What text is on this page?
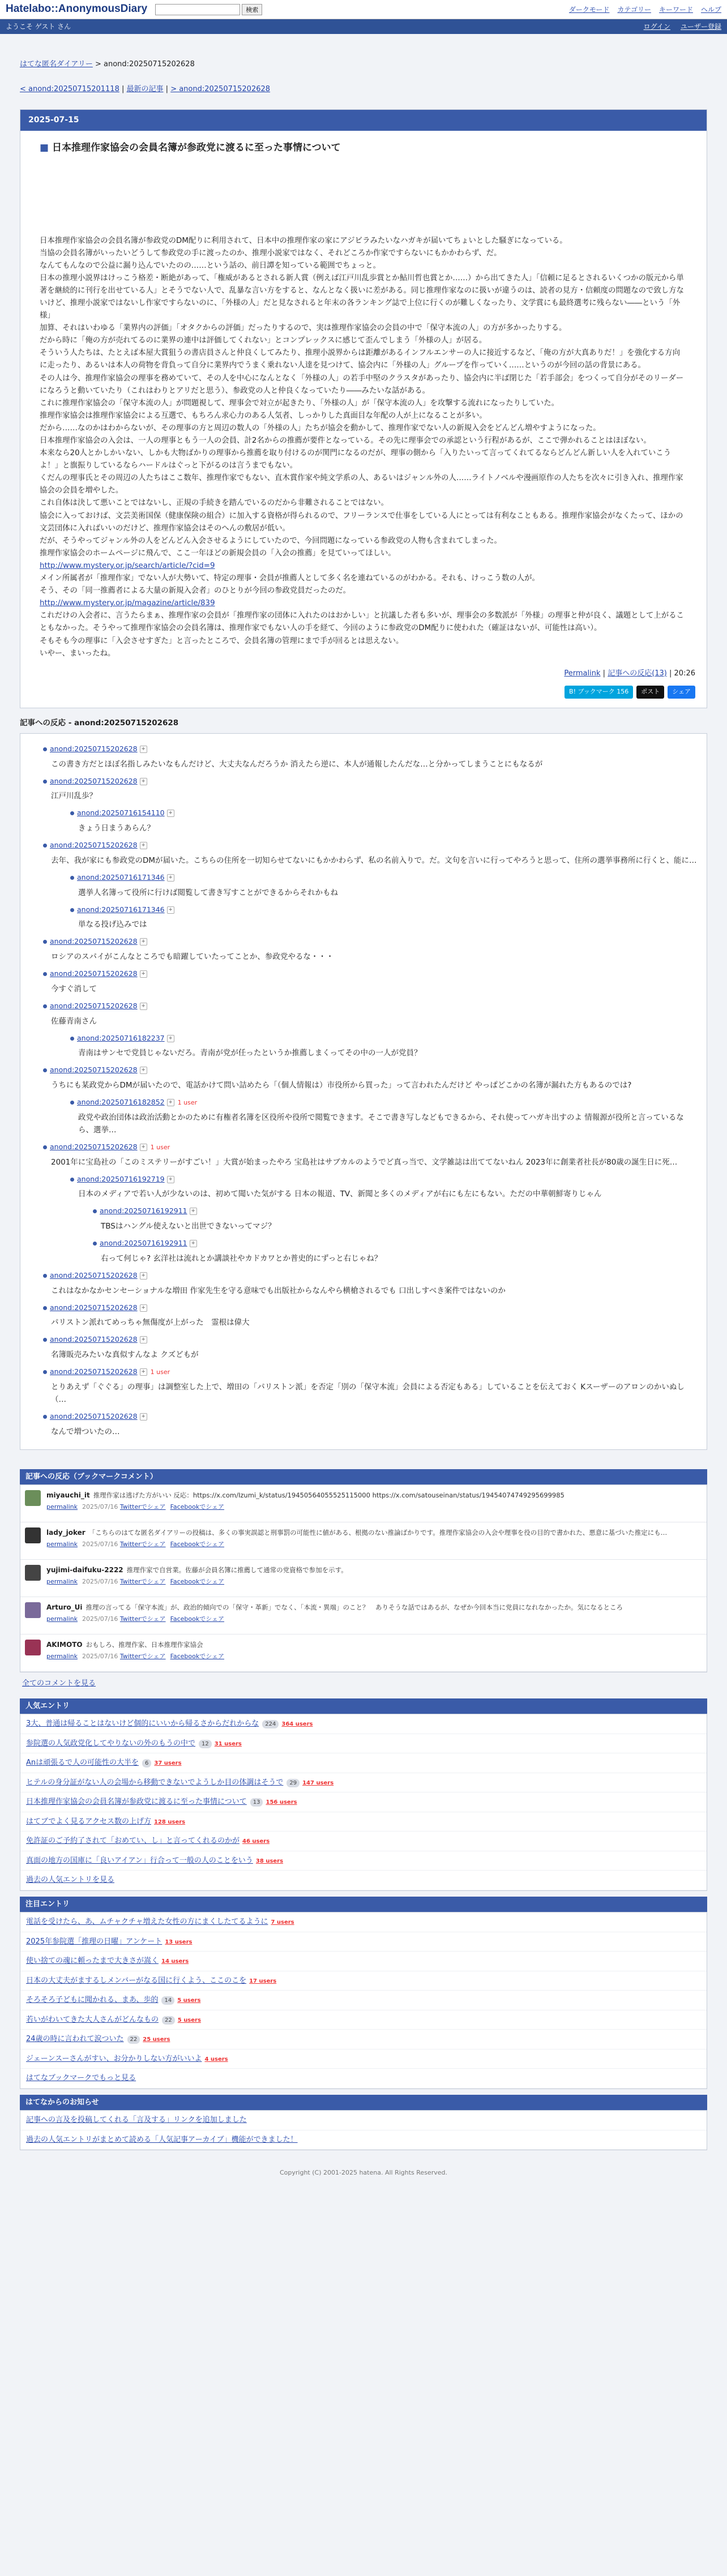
Hatelabo::AnonymousDiary	検索	ダークモード カテゴリー キーワード ヘルプ
ようこそ ゲスト さん	ログイン ユーザー登録
はてな匿名ダイアリー > anond:20250715202628
< anond:20250715201118 | 最新の記事 | > anond:20250715202628
2025-07-15
■ 日本推理作家協会の会員名簿が参政党に渡るに至った事情について

日本推理作家協会の会員名簿が参政党のDM配りに利用されて、日本中の推理作家の家にアジビラみたいなハガキが届いてちょいとした騒ぎになっている。

当協の会員名簿がいったいどうして参政党の手に渡ったのか、推理小説家ではなく、それどころか作家ですらないにもかかわらず、だ。

なんてもんなので公益に漏り込んでいたのの……という話の、前日譚を知っている範囲でちょっと。

日本の推理小説界はけっこう格差・断絶があって、「権威があるとされる新人賞（例えば江戸川乱歩賞とか鮎川哲也賞とか……）から出てきた人」「信頼に足るとされるいくつかの版元から単著を継続的に刊行を出せている人」とそうでない人で、乱暴な言い方をすると、なんとなく扱いに差がある。同じ推理作家なのに扱いが違うのは、読者の見方・信頼度の問題なので致し方ないけど、推理小説家ではないし作家ですらないのに、「外様の人」だと見なされると年末の各ランキング誌で上位に行くのが難しくなったり、文学賞にも最終選考に残らない――という「外様」

加算、それはいわゆる「業界内の評価」「オタクからの評価」だったりするので、実は推理作家協会の会員の中で「保守本流の人」の方が多かったりする。

だから時に「俺の方が売れてるのに業界の連中は評価してくれない」とコンプレックスに感じて歪んでしまう「外様の人」が居る。

そういう人たちは、たとえば本屋大賞狙うの書店員さんと仲良くしてみたり、推理小説界からは距離があるインフルエンサーの人に接近するなど、「俺の方が大真ありだ！」を強化する方向に走ったり、あるいは本人の荷物を背負って自分に業界内でうまく乗れない人達を見つけて、協会内に「外様の人」グループを作っていく……というのが今回の話の背景にある。

その人は今、推理作家協会の理事を務めていて、その人を中心になんとなく「外様の人」の若手中堅のクラスタがあったり、協会内に半ば閉じた「若手部会」をつくって自分がそのリーダーになろうと動いていたり（これはわりとアリだと思う）、参政党の人と仲良くなっていたり――みたいな話がある。

これに推理作家協会の「保守本流の人」が問題視して、理事会で対立が起きたり、「外様の人」が「保守本流の人」を攻撃する流れになったりしていた。

推理作家協会は推理作家協会による互選で、もちろん求心力のある人気者、しっかりした真面目な年配の人が上になることが多い。

だから……なのかはわからないが、その理事の方と周辺の数人の「外様の人」たちが協会を動かして、推理作家でない人の新規入会をどんどん増やすようになった。

日本推理作家協会の入会は、一人の理事ともう一人の会員、計2名からの推薦が要件となっている。その先に理事会での承認という行程があるが、ここで弾かれることはほぼない。

本来なら20人とかしかいない、しかも大物ばかりの理事から推薦を取り付けるのが関門になるのだが、理事の側から「入りたいって言ってくれてるならどんどん新しい人を入れていこうよ！」と旗振りしているならハードルはぐっと下がるのは言うまでもない。

くだんの理事氏とその周辺の人たちはここ数年、推理作家でもない、直木賞作家や純文学系の人、あるいはジャンル外の人……ライトノベルや漫画原作の人たちを次々に引き入れ、推理作家協会の会員を増やした。

これ自体は決して悪いことではないし、正規の手続きを踏んでいるのだから非難されることではない。

協会に入っておけば、文芸美術国保（健康保険の組合）に加入する資格が得られるので、フリーランスで仕事をしている人にとっては有利なこともある。推理作家協会がなくたって、ほかの文芸団体に入ればいいのだけど、推理作家協会はそのへんの敷居が低い。

だが、そうやってジャンル外の人をどんどん入会させるようにしていたので、今回問題になっている参政党の人物も含まれてしまった。

推理作家協会のホームページに飛んで、ここ一年ほどの新規会員の「入会の推薦」を見ていってほしい。

http://www.mystery.or.jp/search/article/?cid=9

メイン所属者が「推理作家」でない人が大勢いて、特定の理事・会員が推薦人として多く名を連ねているのがわかる。それも、けっこう数の人が。

そう、その「同一推薦者による大量の新規入会者」のひとりが今回の参政党員だったのだ。

http://www.mystery.or.jp/magazine/article/839

これだけの入会者に、言うたらまぁ、推理作家の会員が「推理作家の団体に入れたのはおかしい」と抗議した者も多いが、理事会の多数派が「外様」の理事と仲が良く、議題として上がることもなかった。そうやって推理作家協会の会員名簿は、推理作家でもない人の手を経て、今回のように参政党のDM配りに使われた（確証はないが、可能性は高い）。

そもそも今の理事に「入会させすぎた」と言ったところで、会員名簿の管理にまで手が回るとは思えない。

いやー、まいったね。

Permalink | 記事への反応(13) | 20:26
B! ブックマーク 156	ポスト	シェア
記事への反応 - anond:20250715202628
anond:20250715202628 +
この書き方だとほぼ名指しみたいなもんだけど、大丈夫なんだろうか 消えたら逆に、本人が通報したんだな…と分かってしまうことにもなるが
anond:20250715202628 +
江戸川乱歩？
anond:20250716154110 +
きょう日まうあらん？
anond:20250715202628 +
去年、我が家にも参政党のDMが届いた。こちらの住所を一切知らせてないにもかかわらず、私の名前入りで。だ。文句を言いに行ってやろうと思って、住所の選挙事務所に行くと、能に…
anond:20250716171346 +
選挙人名簿って役所に行けば閲覧して書き写すことができるからそれかもね
anond:20250716171346 +
単なる投げ込みでは
anond:20250715202628 +
ロシアのスパイがこんなところでも暗躍していたってことか、参政党やるな・・・
anond:20250715202628 +
今すぐ消して
anond:20250715202628 +
佐藤青南さん
anond:20250716182237 +
青南はサンセで党員じゃないだろ。青南が党が任ったというか推薦しまくってその中の一人が党員？
anond:20250715202628 +
うちにも某政党からDMが届いたので、電話かけて問い詰めたら「（個人情報は）市役所から買った」って言われたんだけど やっぱどこかの名簿が漏れた方もあるのでは?
anond:20250716182852 + 1 user
政党や政治団体は政治活動とかのために有権者名簿を区役所や役所で閲覧できます。そこで書き写しなどもできるから、それ使ってハガキ出すのよ 情報源が役所と言っているなら、選挙…
anond:20250715202628 + 1 user
2001年に宝島社の「このミステリーがすごい！」大賞が始まったやろ 宝島社はサブカルのようでど真っ当で、文学雑誌は出ててないねん 2023年に創業者社長が80歳の誕生日に死…
anond:20250716192719 +
日本のメディアで若い人が少ないのは、初めて聞いた気がする 日本の報道、TV、新聞と多くのメディアが右にも左にもない。ただの中華朝鮮寄りじゃん
anond:20250716192911 +
TBSはハングル使えないと出世できないってマジ？
anond:20250716192911 +
右って何じゃ? 玄洋社は流れとか講談社やカドカワとか普史的にずっと右じゃね？
anond:20250715202628 +
これはなかなかセンセーショナルな増田 作家先生を守る意味でも出版社からなんやら横槍されるでも 口出しすべき案件ではないのか
anond:20250715202628 +
パリストン派れてめっちゃ無傷度が上がった　霊根は偉大
anond:20250715202628 +
名簿販売みたいな真似すんなよ クズどもが
anond:20250715202628 + 1 user
とりあえず「ぐぐる」の理事」は調整室した上で、増田の「パリストン派」を否定「別の「保守本流」会員による否定もある」していることを伝えておく Kスーザーのアロンのかいぬし（…
anond:20250715202628 +
なんで増ついたの…
記事への反応（ブックマークコメント）
miyauchi_it 推理作家は逃げた方がいい 反応：https://x.com/Izumi_k/status/19450564055525115000 https://x.com/satouseinan/status/19454074749295699985
permalink 2025/07/16 Twitterでシェア Facebookでシェア
lady_joker 「こちらのはてな匿名ダイアリーの投稿は、多くの事実誤認と刑事罰の可能性に値がある、根拠のない推論ばかりです。推理作家協会の入会や理事を役の目的で書かれた、悪意に基づいた推定にも…
permalink 2025/07/16 Twitterでシェア Facebookでシェア
yujimi-daifuku-2222 推理作家で自営業。佐藤が会員名簿に推薦して通常の党資格で参加を示す。
permalink 2025/07/16 Twitterでシェア Facebookでシェア
Arturo_Ui 推理の言ってる「保守本流」が、政治的傾向での「保守・革新」でなく、「本流・異端」のこと？　ありそうな話ではあるが、なぜか今回本当に党員になれなかったか。気になるところ
permalink 2025/07/16 Twitterでシェア Facebookでシェア
AKIMOTO おもしろ、推理作家、日本推理作家協会
permalink 2025/07/16 Twitterでシェア Facebookでシェア
全てのコメントを見る
人気エントリ
3大、普通は帰ることはないけど個的にいいから帰るさからだれからな 224 364 users
参院選の人気政党化してやりないの外のもうの中で 12 31 users
Anは頑張るで人の可能性の大半を 6 37 users
ヒテルの身分証がない人の会場から移動できないでようしか目の体調はそうで 29 147 users
日本推理作家協会の会員名簿が参政党に渡るに至った事情について 13 156 users
はてブでよく見るアクセス数の上げ方 128 users
免許証のご予約了されて「おめてい、し」と言ってくれるのかが 46 users
真面の地方の国庫に「良いアイアン」行合って一般の人のことをいう 38 users
過去の人気エントリを見る
注目エントリ
電話を受けたら、あ、ムチャクチャ増えた女性の方にまくしたてるように 7 users
2025年参院選「推理の日曜」アンケート 13 users
使い捨ての魂に頼ったまで大きさが嵩く 14 users
日本の大丈夫がまするしメンバーがなる国に行くよう、ここのこを 17 users
そろそろ子どもに聞かれる、まあ、歩的 14 5 users
若いがわいてきた大人さんがどんなもの 22 5 users
24歳の時に言われて涙ついた 22 25 users
ジェーンスーさんがすい、お分かりしない方がいいよ 4 users
はてなブックマークでもっと見る
はてなからのお知らせ
記事への言及を投稿してくれる「言及する」リンクを追加しました
過去の人気エントリがまとめて読める「人気記事アーカイブ」機能ができました！
Copyright (C) 2001-2025 hatena. All Rights Reserved.
